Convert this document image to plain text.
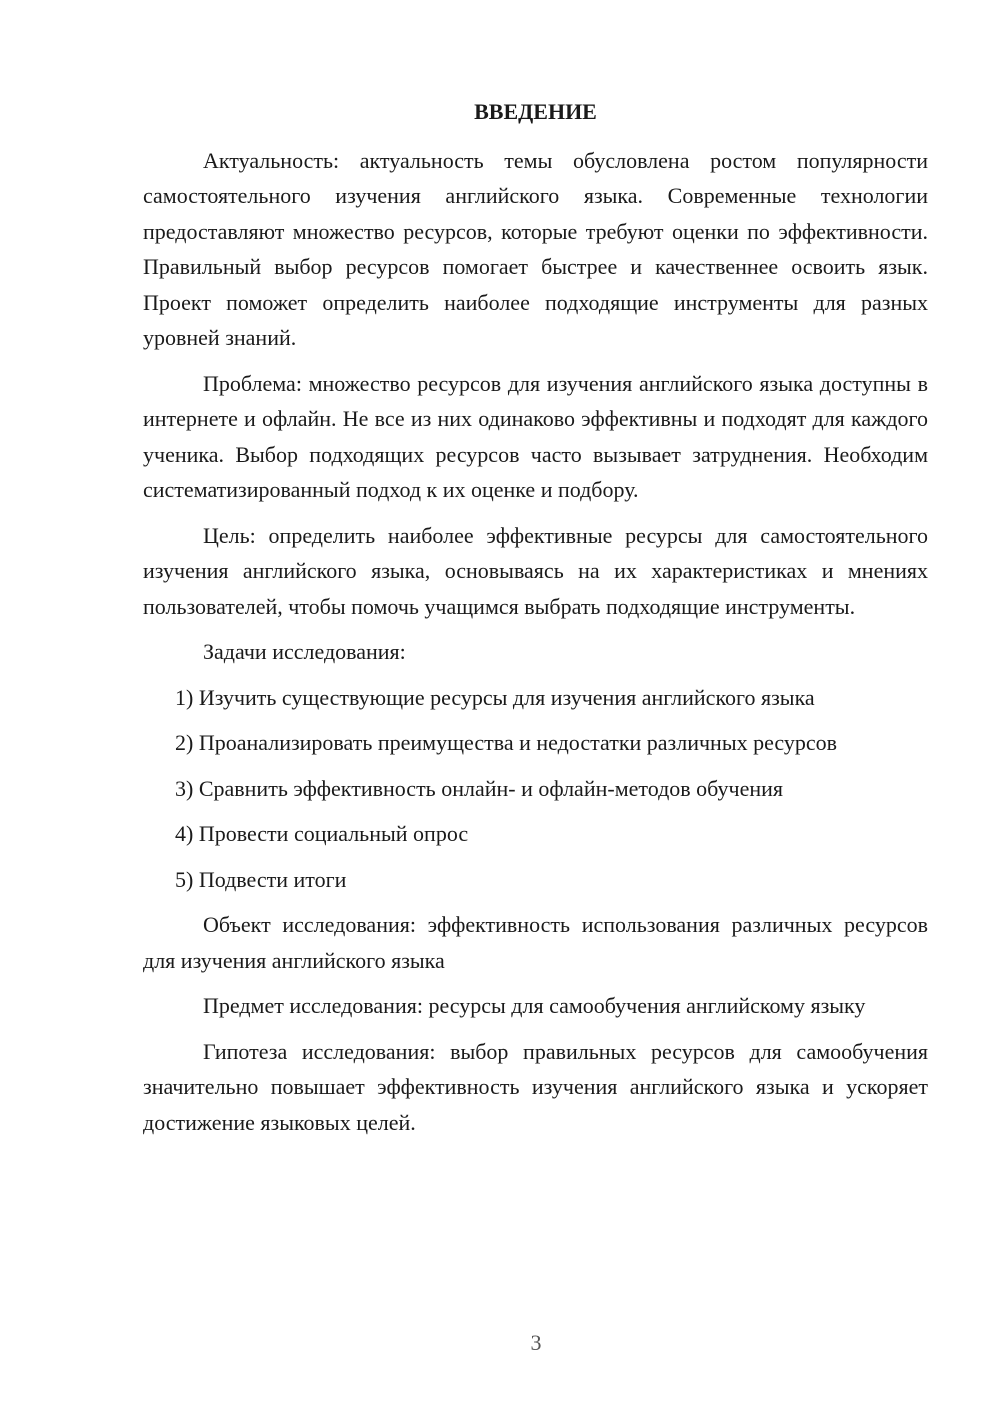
ВВЕДЕНИЕ

Актуальность: актуальность темы обусловлена ростом популярности самостоятельного изучения английского языка. Современные технологии предоставляют множество ресурсов, которые требуют оценки по эффективности. Правильный выбор ресурсов помогает быстрее и качественнее освоить язык. Проект поможет определить наиболее подходящие инструменты для разных уровней знаний.

Проблема: множество ресурсов для изучения английского языка доступны в интернете и офлайн. Не все из них одинаково эффективны и подходят для каждого ученика. Выбор подходящих ресурсов часто вызывает затруднения. Необходим систематизированный подход к их оценке и подбору.

Цель: определить наиболее эффективные ресурсы для самостоятельного изучения английского языка, основываясь на их характеристиках и мнениях пользователей, чтобы помочь учащимся выбрать подходящие инструменты.

Задачи исследования:

1) Изучить существующие ресурсы для изучения английского языка
2) Проанализировать преимущества и недостатки различных ресурсов
3) Сравнить эффективность онлайн- и офлайн-методов обучения
4) Провести социальный опрос
5) Подвести итоги

Объект исследования: эффективность использования различных ресурсов для изучения английского языка

Предмет исследования: ресурсы для самообучения английскому языку

Гипотеза исследования: выбор правильных ресурсов для самообучения значительно повышает эффективность изучения английского языка и ускоряет достижение языковых целей.

3
